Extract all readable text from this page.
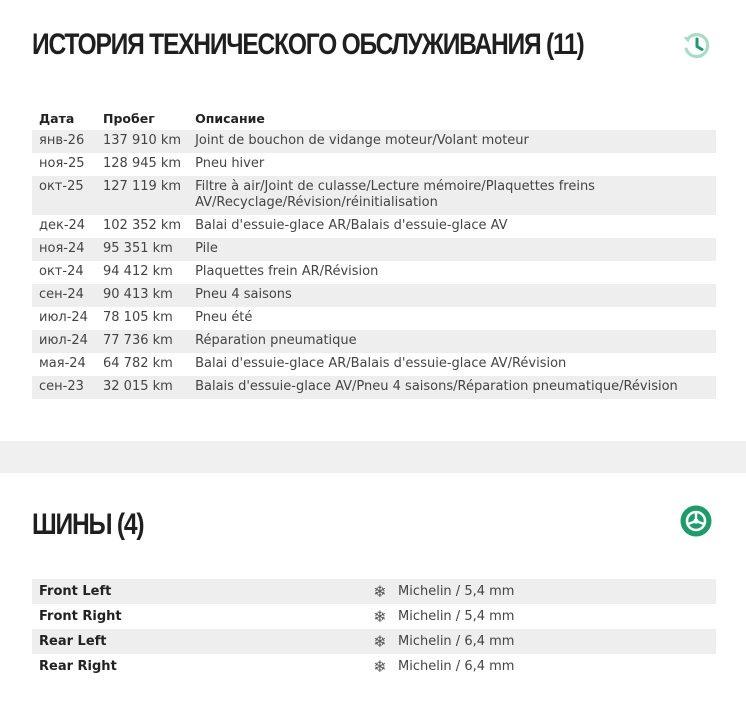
ИСТОРИЯ ТЕХНИЧЕСКОГО ОБСЛУЖИВАНИЯ (11)
Дата	Пробег	Описание
янв-26	137 910 km	Joint de bouchon de vidange moteur/Volant moteur
ноя-25	128 945 km	Pneu hiver
окт-25	127 119 km	Filtre à air/Joint de culasse/Lecture mémoire/Plaquettes freins AV/Recyclage/Révision/réinitialisation
дек-24	102 352 km	Balai d'essuie-glace AR/Balais d'essuie-glace AV
ноя-24	95 351 km	Pile
окт-24	94 412 km	Plaquettes frein AR/Révision
сен-24	90 413 km	Pneu 4 saisons
июл-24	78 105 km	Pneu été
июл-24	77 736 km	Réparation pneumatique
мая-24	64 782 km	Balai d'essuie-glace AR/Balais d'essuie-glace AV/Révision
сен-23	32 015 km	Balais d'essuie-glace AV/Pneu 4 saisons/Réparation pneumatique/Révision
ШИНЫ (4)
Front Left	❄	Michelin / 5,4 mm
Front Right	❄	Michelin / 5,4 mm
Rear Left	❄	Michelin / 6,4 mm
Rear Right	❄	Michelin / 6,4 mm
